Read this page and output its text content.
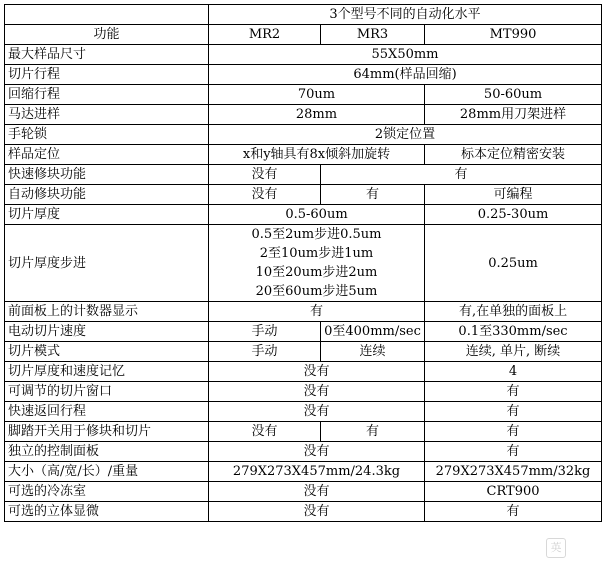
	3个型号不同的自动化水平		
功能	MR2	MR3	MT990
最大样品尺寸	55X50mm		
切片行程	64mm(样品回缩)		
回缩行程	70um		50-60um
马达进样	28mm		28mm用刀架进样
手轮锁	2锁定位置		
样品定位	x和y轴具有8x倾斜加旋转		标本定位精密安装
快速修块功能	没有	有	
自动修块功能	没有	有	可编程
切片厚度	0.5-60um		0.25-30um
切片厚度步进	0.5至2um步进0.5um
2至10um步进1um
10至20um步进2um
20至60um步进5um		0.25um
前面板上的计数器显示	有		有,在单独的面板上
电动切片速度	手动	0至400mm/sec	0.1至330mm/sec
切片模式	手动	连续	连续, 单片, 断续
切片厚度和速度记忆	没有		4
可调节的切片窗口	没有		有
快速返回行程	没有		有
脚踏开关用于修块和切片	没有	有	有
独立的控制面板	没有		有
大小（高/宽/长）/重量	279X273X457mm/24.3kg		279X273X457mm/32kg
可选的冷冻室	没有		CRT900
可选的立体显微	没有		有
英
